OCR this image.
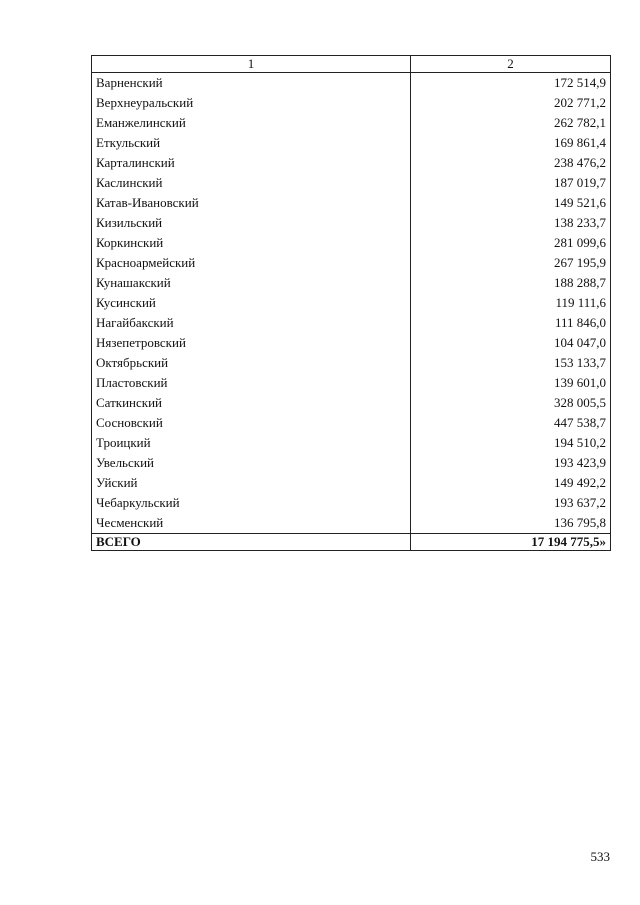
1	2
Варненский	172 514,9
Верхнеуральский	202 771,2
Еманжелинский	262 782,1
Еткульский	169 861,4
Карталинский	238 476,2
Каслинский	187 019,7
Катав-Ивановский	149 521,6
Кизильский	138 233,7
Коркинский	281 099,6
Красноармейский	267 195,9
Кунашакский	188 288,7
Кусинский	119 111,6
Нагайбакский	111 846,0
Нязепетровский	104 047,0
Октябрьский	153 133,7
Пластовский	139 601,0
Саткинский	328 005,5
Сосновский	447 538,7
Троицкий	194 510,2
Увельский	193 423,9
Уйский	149 492,2
Чебаркульский	193 637,2
Чесменский	136 795,8
ВСЕГО	17 194 775,5»
533
